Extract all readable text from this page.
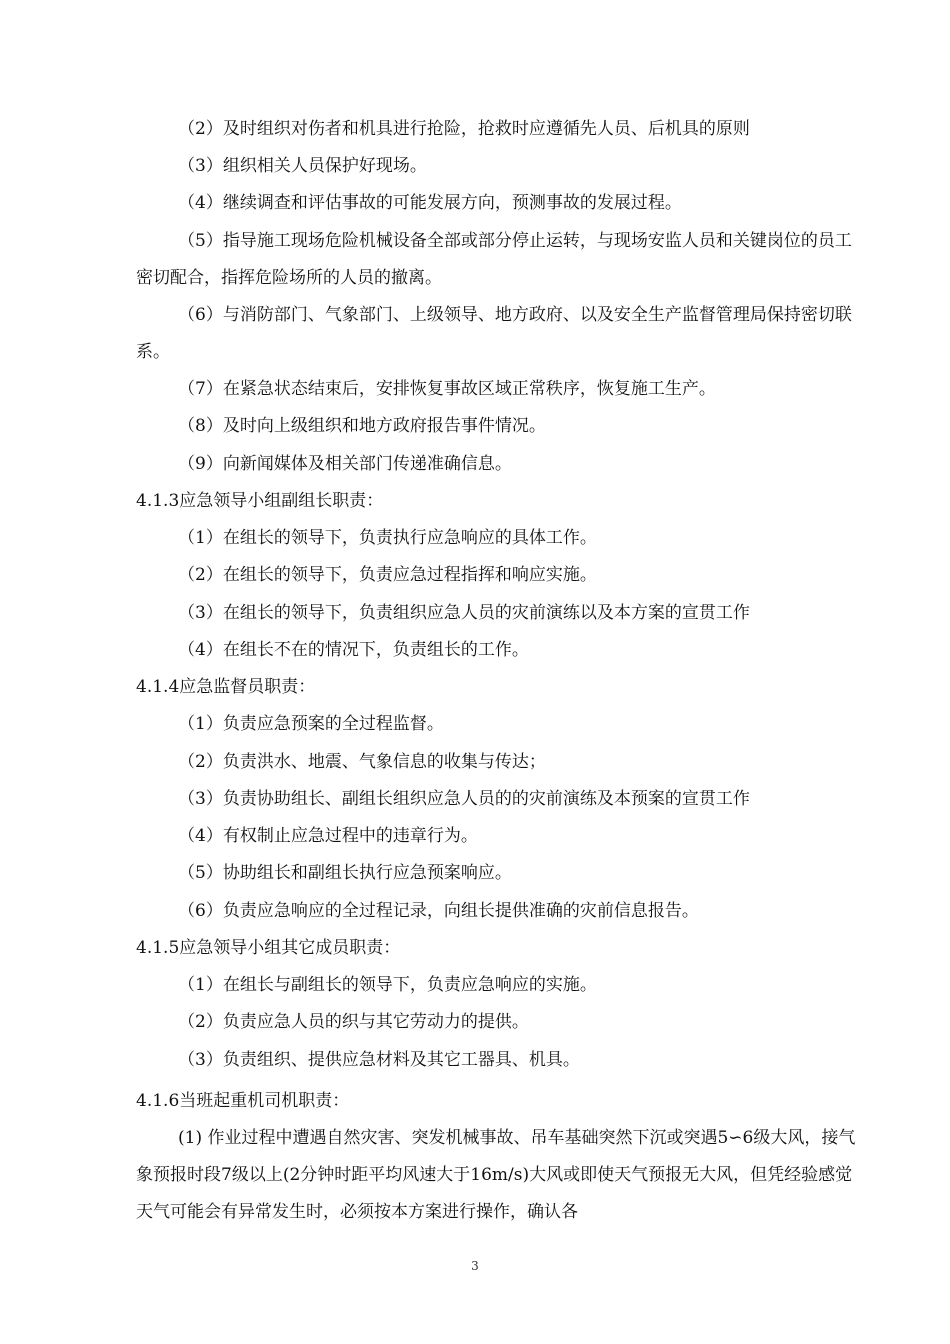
（2）及时组织对伤者和机具进行抢险，抢救时应遵循先人员、后机具的原则

（3）组织相关人员保护好现场。

（4）继续调查和评估事故的可能发展方向，预测事故的发展过程。

（5）指导施工现场危险机械设备全部或部分停止运转，与现场安监人员和关键岗位的员工密切配合，指挥危险场所的人员的撤离。

（6）与消防部门、气象部门、上级领导、地方政府、以及安全生产监督管理局保持密切联系。

（7）在紧急状态结束后，安排恢复事故区域正常秩序，恢复施工生产。

（8）及时向上级组织和地方政府报告事件情况。

（9）向新闻媒体及相关部门传递准确信息。

4.1.3应急领导小组副组长职责：

（1）在组长的领导下，负责执行应急响应的具体工作。

（2）在组长的领导下，负责应急过程指挥和响应实施。

（3）在组长的领导下，负责组织应急人员的灾前演练以及本方案的宣贯工作

（4）在组长不在的情况下，负责组长的工作。

4.1.4应急监督员职责：

（1）负责应急预案的全过程监督。

（2）负责洪水、地震、气象信息的收集与传达；

（3）负责协助组长、副组长组织应急人员的的灾前演练及本预案的宣贯工作

（4）有权制止应急过程中的违章行为。

（5）协助组长和副组长执行应急预案响应。

（6）负责应急响应的全过程记录，向组长提供准确的灾前信息报告。

4.1.5应急领导小组其它成员职责：

（1）在组长与副组长的领导下，负责应急响应的实施。

（2）负责应急人员的织与其它劳动力的提供。

（3）负责组织、提供应急材料及其它工器具、机具。

4.1.6当班起重机司机职责：

(1) 作业过程中遭遇自然灾害、突发机械事故、吊车基础突然下沉或突遇5∽6级大风，接气象预报时段7级以上(2分钟时距平均风速大于16m/s)大风或即使天气预报无大风，但凭经验感觉天气可能会有异常发生时，必须按本方案进行操作，确认各

3
